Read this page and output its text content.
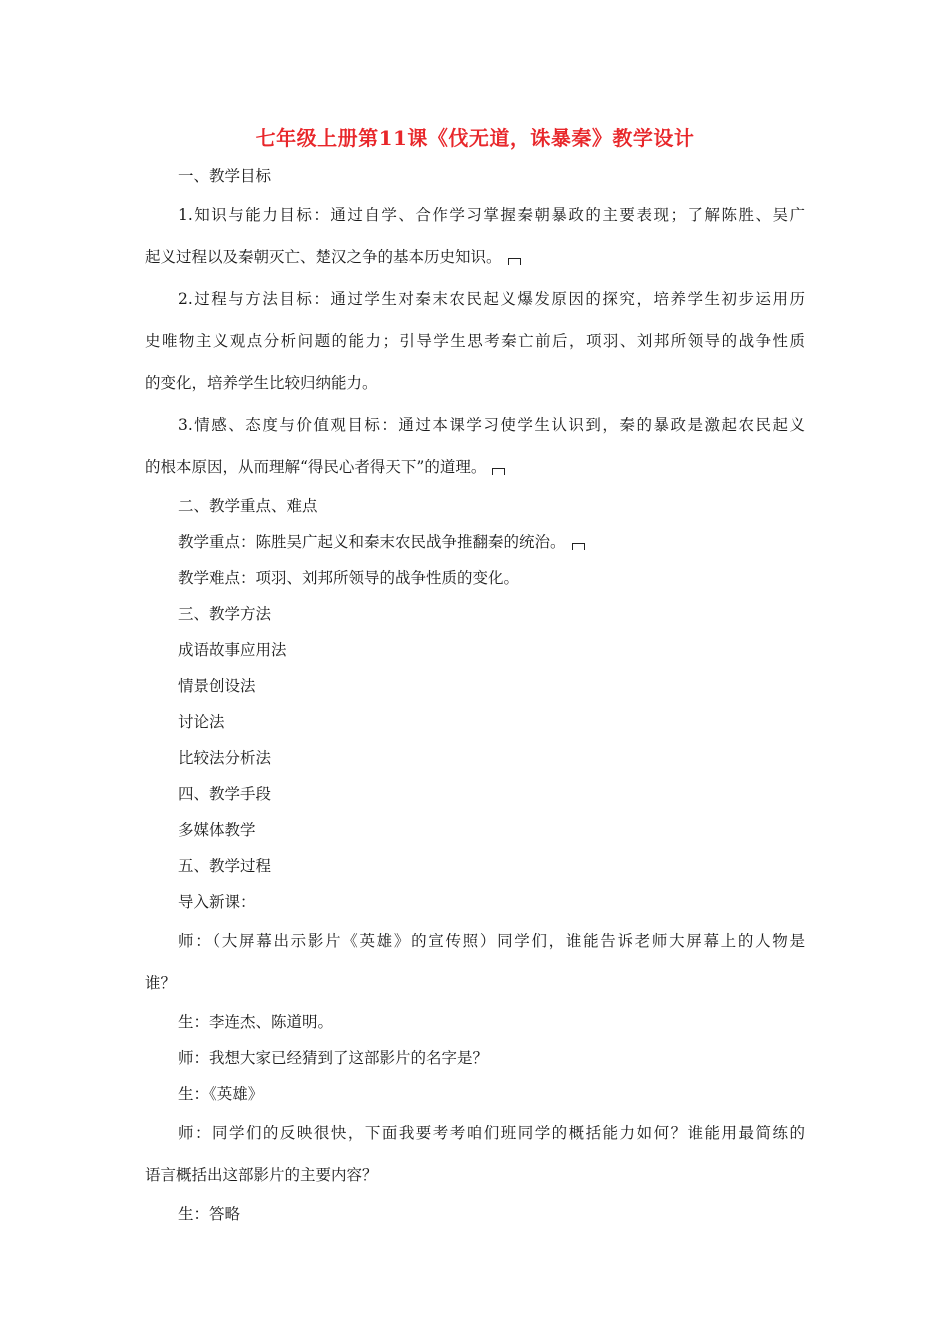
七年级上册第11课《伐无道，诛暴秦》教学设计
一、教学目标
1.知识与能力目标：通过自学、合作学习掌握秦朝暴政的主要表现；了解陈胜、吴广
起义过程以及秦朝灭亡、楚汉之争的基本历史知识。
2.过程与方法目标：通过学生对秦末农民起义爆发原因的探究，培养学生初步运用历
史唯物主义观点分析问题的能力；引导学生思考秦亡前后，项羽、刘邦所领导的战争性质
的变化，培养学生比较归纳能力。
3.情感、态度与价值观目标：通过本课学习使学生认识到，秦的暴政是激起农民起义
的根本原因，从而理解“得民心者得天下”的道理。
二、教学重点、难点
教学重点：陈胜吴广起义和秦末农民战争推翻秦的统治。
教学难点：项羽、刘邦所领导的战争性质的变化。
三、教学方法
成语故事应用法
情景创设法
讨论法
比较法分析法
四、教学手段
多媒体教学
五、教学过程
导入新课：
师：（大屏幕出示影片《英雄》的宣传照）同学们，谁能告诉老师大屏幕上的人物是
谁？
生：李连杰、陈道明。
师：我想大家已经猜到了这部影片的名字是？
生：《英雄》
师：同学们的反映很快，下面我要考考咱们班同学的概括能力如何？谁能用最简练的
语言概括出这部影片的主要内容？
生：答略
